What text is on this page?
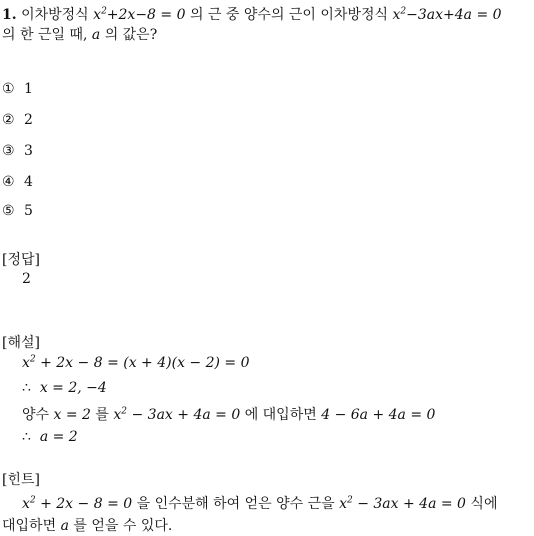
1. 이차방정식 $x^2+2x-8 = 0$ 의 근 중 양수의 근이 이차방정식 $x^2-3ax+4a = 0$
의 한 근일 때, a 의 값은?
① 1
② 2
③ 3
④ 4
⑤ 5
[정답]
2
[해설]
$x^2 + 2x - 8 = (x + 4)(x - 2) = 0$
∴ x = 2, −4
양수 x = 2 를 $x^2 - 3ax + 4a = 0$ 에 대입하면 4 − 6a + 4a = 0
∴ a = 2
[힌트]
$x^2 + 2x - 8 = 0$ 을 인수분해 하여 얻은 양수 근을 $x^2 - 3ax + 4a = 0$ 식에
대입하면 a 를 얻을 수 있다.
